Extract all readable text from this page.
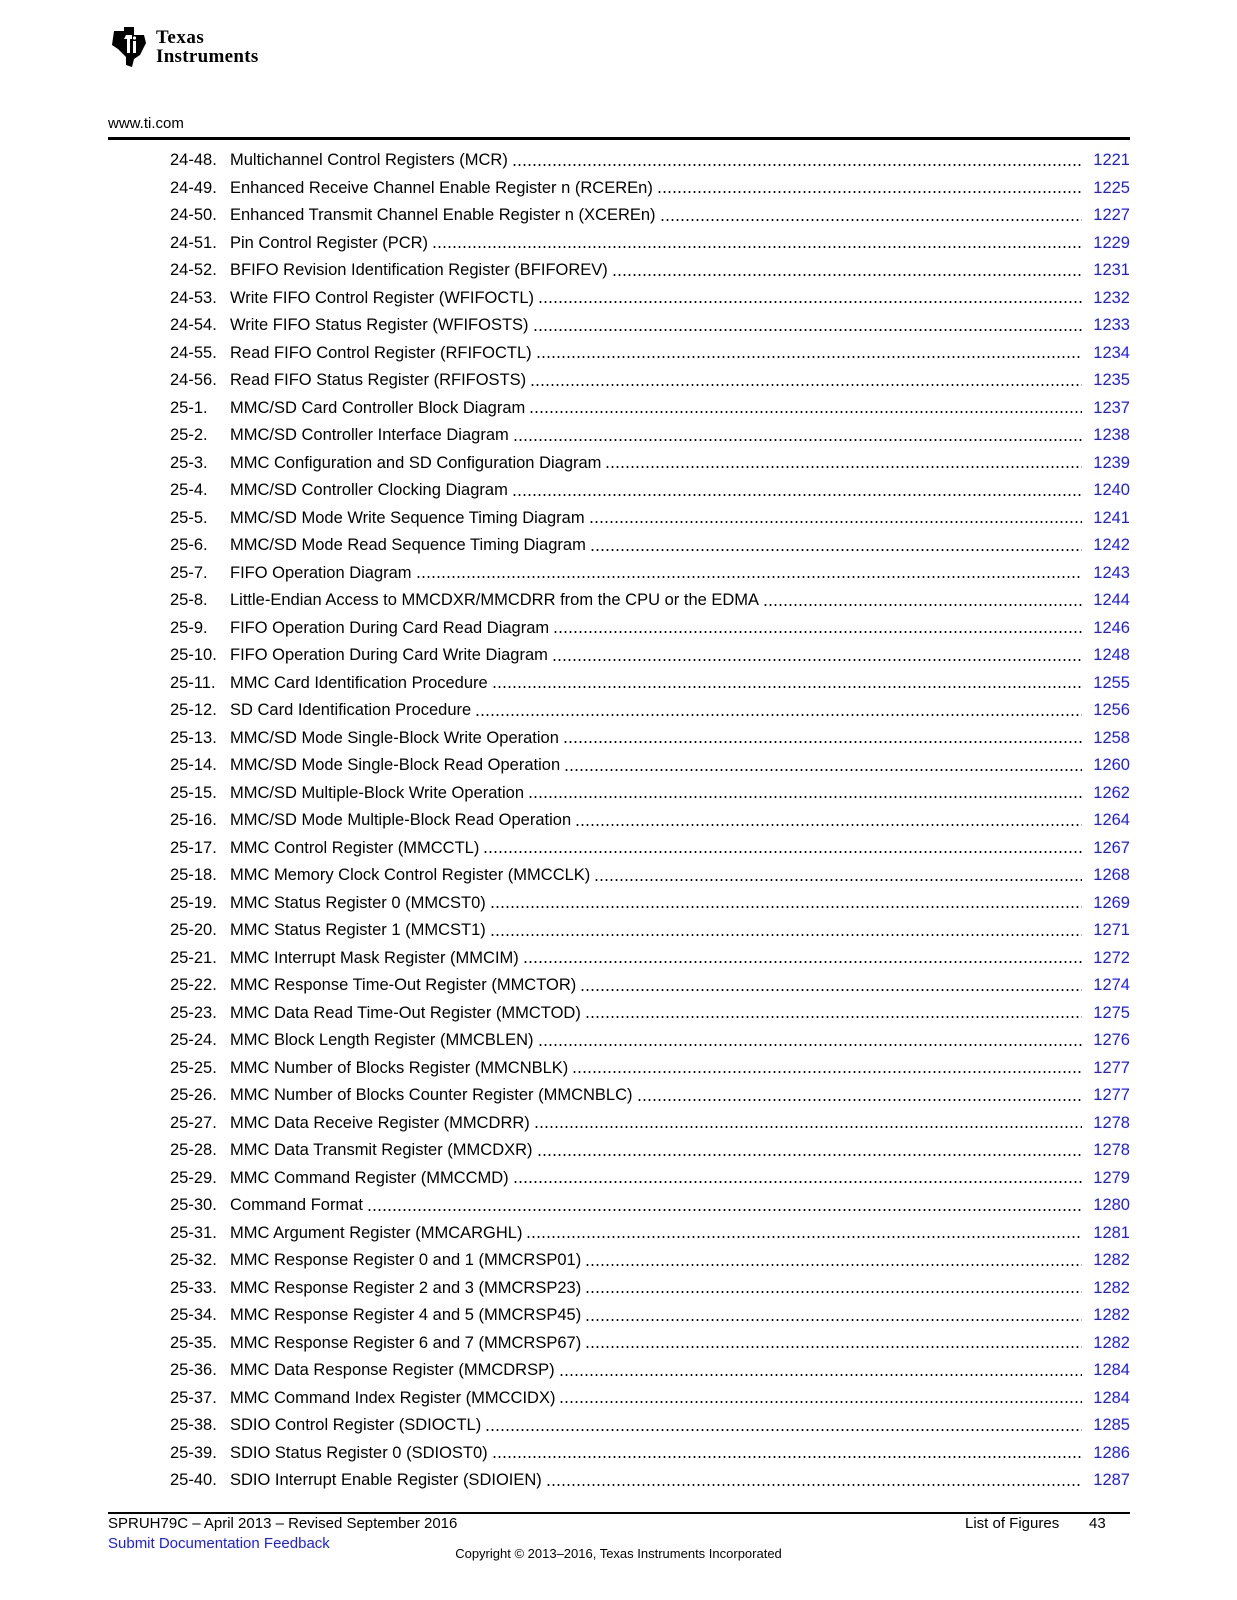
Texas
Instruments
www.ti.com
24-48. Multichannel Control Registers (MCR)	1221
24-49. Enhanced Receive Channel Enable Register n (RCEREn)	1225
24-50. Enhanced Transmit Channel Enable Register n (XCEREn)	1227
24-51. Pin Control Register (PCR)	1229
24-52. BFIFO Revision Identification Register (BFIFOREV)	1231
24-53. Write FIFO Control Register (WFIFOCTL)	1232
24-54. Write FIFO Status Register (WFIFOSTS)	1233
24-55. Read FIFO Control Register (RFIFOCTL)	1234
24-56. Read FIFO Status Register (RFIFOSTS)	1235
25-1.	MMC/SD Card Controller Block Diagram	1237
25-2.	MMC/SD Controller Interface Diagram	1238
25-3.	MMC Configuration and SD Configuration Diagram	1239
25-4.	MMC/SD Controller Clocking Diagram	1240
25-5.	MMC/SD Mode Write Sequence Timing Diagram	1241
25-6.	MMC/SD Mode Read Sequence Timing Diagram	1242
25-7.	FIFO Operation Diagram	1243
25-8.	Little-Endian Access to MMCDXR/MMCDRR from the CPU or the EDMA	1244
25-9.	FIFO Operation During Card Read Diagram	1246
25-10. FIFO Operation During Card Write Diagram	1248
25-11. MMC Card Identification Procedure	1255
25-12. SD Card Identification Procedure	1256
25-13. MMC/SD Mode Single-Block Write Operation	1258
25-14. MMC/SD Mode Single-Block Read Operation	1260
25-15. MMC/SD Multiple-Block Write Operation	1262
25-16. MMC/SD Mode Multiple-Block Read Operation	1264
25-17. MMC Control Register (MMCCTL)	1267
25-18. MMC Memory Clock Control Register (MMCCLK)	1268
25-19. MMC Status Register 0 (MMCST0)	1269
25-20. MMC Status Register 1 (MMCST1)	1271
25-21. MMC Interrupt Mask Register (MMCIM)	1272
25-22. MMC Response Time-Out Register (MMCTOR)	1274
25-23. MMC Data Read Time-Out Register (MMCTOD)	1275
25-24. MMC Block Length Register (MMCBLEN)	1276
25-25. MMC Number of Blocks Register (MMCNBLK)	1277
25-26. MMC Number of Blocks Counter Register (MMCNBLC)	1277
25-27. MMC Data Receive Register (MMCDRR)	1278
25-28. MMC Data Transmit Register (MMCDXR)	1278
25-29. MMC Command Register (MMCCMD)	1279
25-30. Command Format	1280
25-31. MMC Argument Register (MMCARGHL)	1281
25-32. MMC Response Register 0 and 1 (MMCRSP01)	1282
25-33. MMC Response Register 2 and 3 (MMCRSP23)	1282
25-34. MMC Response Register 4 and 5 (MMCRSP45)	1282
25-35. MMC Response Register 6 and 7 (MMCRSP67)	1282
25-36. MMC Data Response Register (MMCDRSP)	1284
25-37. MMC Command Index Register (MMCCIDX)	1284
25-38. SDIO Control Register (SDIOCTL)	1285
25-39. SDIO Status Register 0 (SDIOST0)	1286
25-40. SDIO Interrupt Enable Register (SDIOIEN)	1287
SPRUH79C – April 2013 – Revised September 2016
Submit Documentation Feedback
List of Figures 43
Copyright © 2013–2016, Texas Instruments Incorporated
